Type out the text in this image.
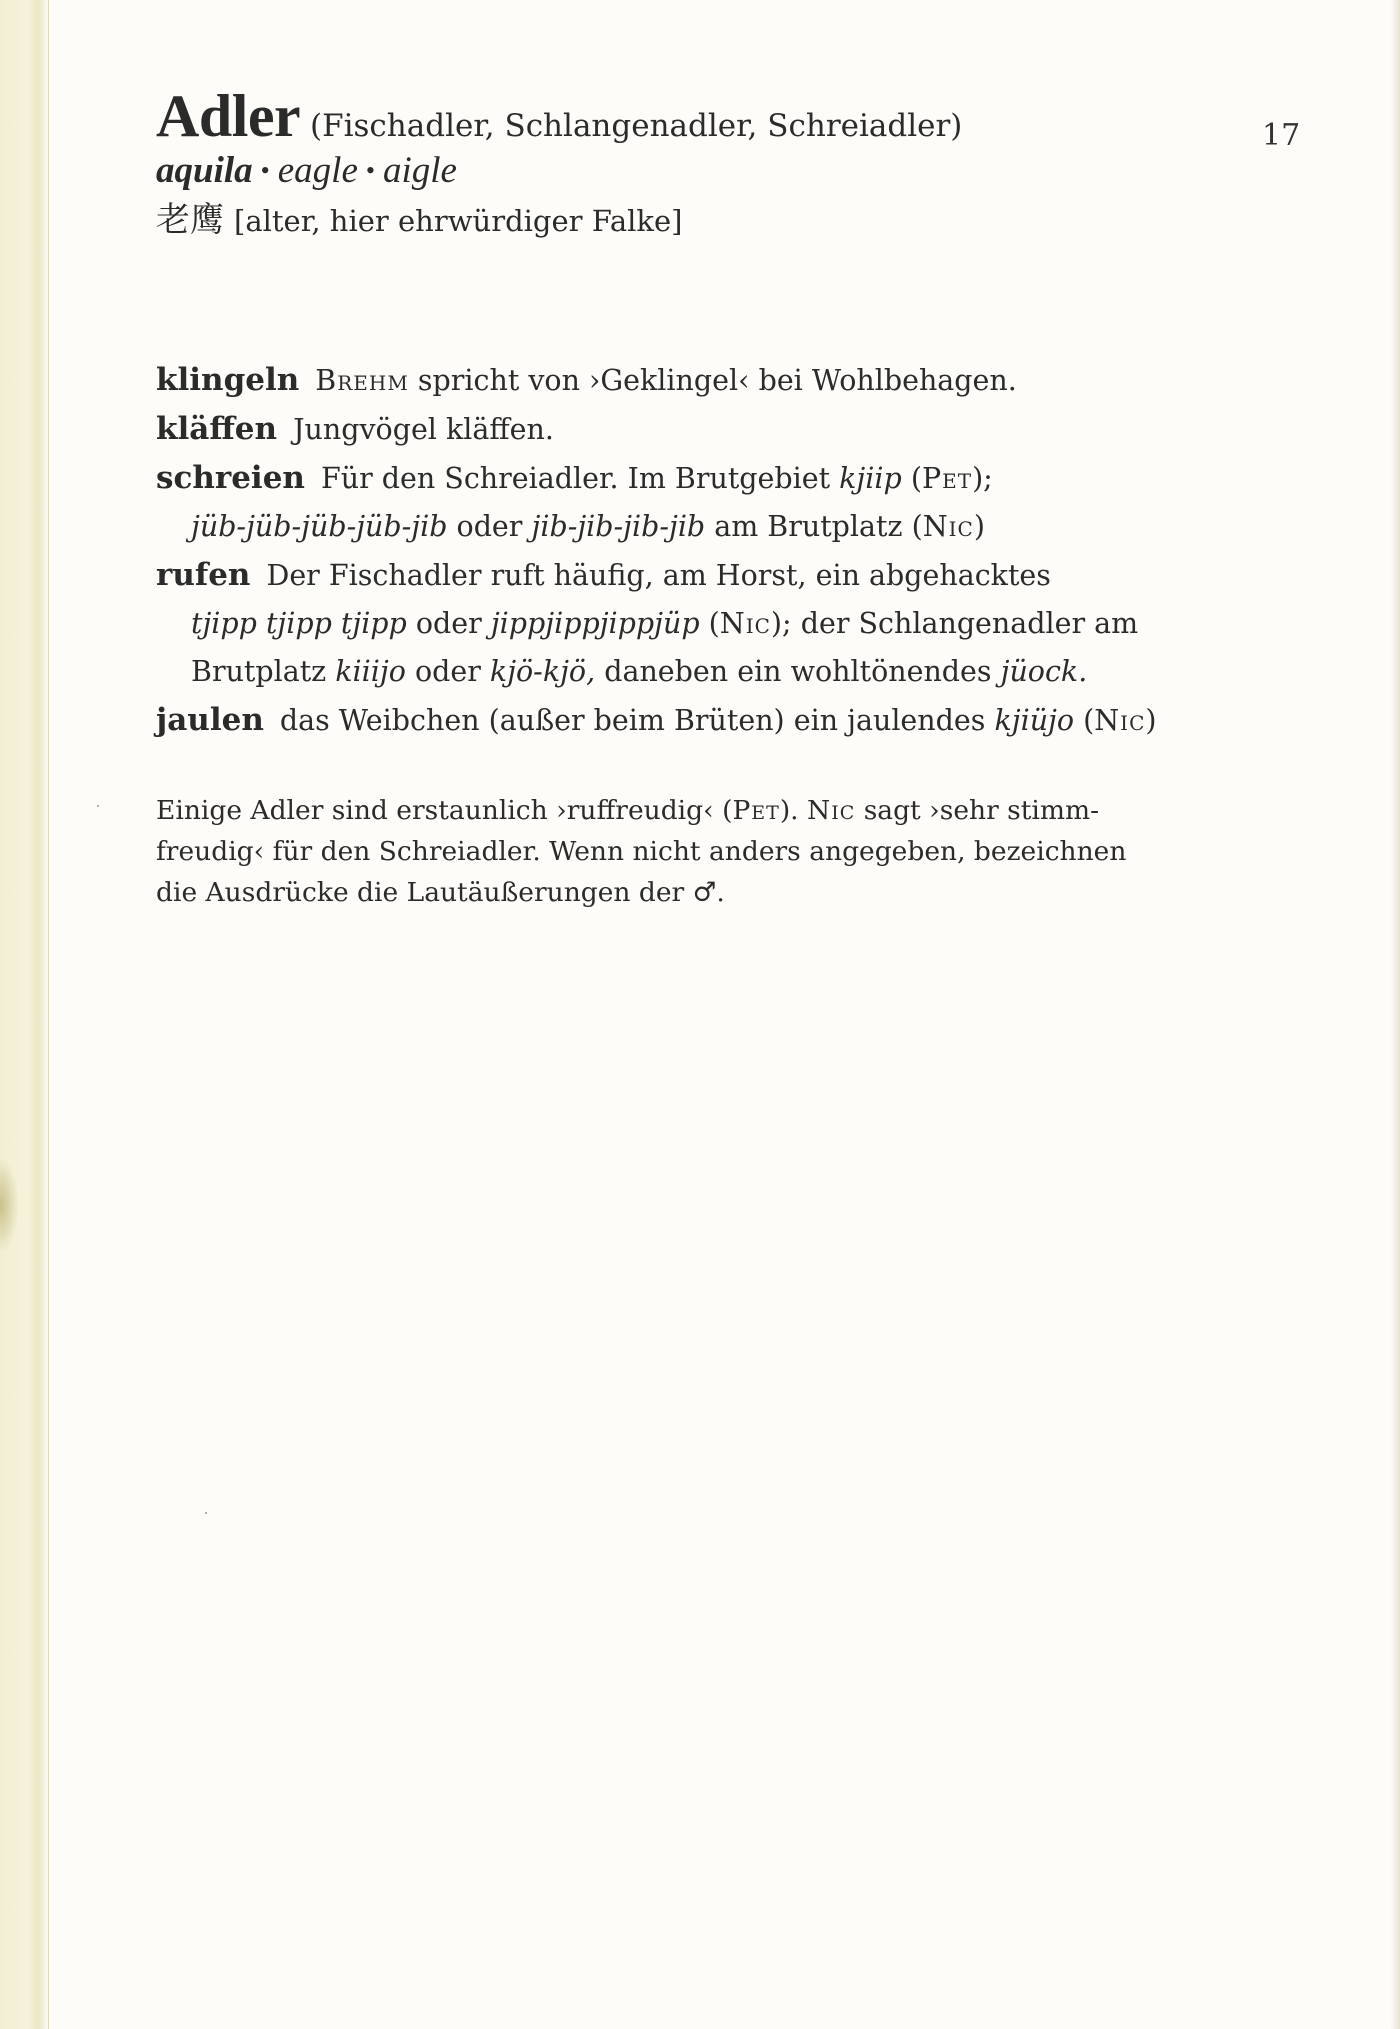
17
Adler (Fischadler, Schlangenadler, Schreiadler)
aquila • eagle • aigle
老鹰 [alter, hier ehrwürdiger Falke]
klingeln Brehm spricht von ›Geklingel‹ bei Wohlbehagen.
kläffen Jungvögel kläffen.
schreien Für den Schreiadler. Im Brutgebiet kjiip (Pet);
jüb-jüb-jüb-jüb-jib oder jib-jib-jib-jib am Brutplatz (Nic)
rufen Der Fischadler ruft häufig, am Horst, ein abgehacktes
tjipp tjipp tjipp oder jippjippjippjüp (Nic); der Schlangenadler am
Brutplatz kiiijo oder kjö-kjö, daneben ein wohltönendes jüock.
jaulen das Weibchen (außer beim Brüten) ein jaulendes kjiüjo (Nic)
Einige Adler sind erstaunlich ›ruffreudig‹ (Pet). Nic sagt ›sehr stimm-
freudig‹ für den Schreiadler. Wenn nicht anders angegeben, bezeichnen
die Ausdrücke die Lautäußerungen der ♂.
